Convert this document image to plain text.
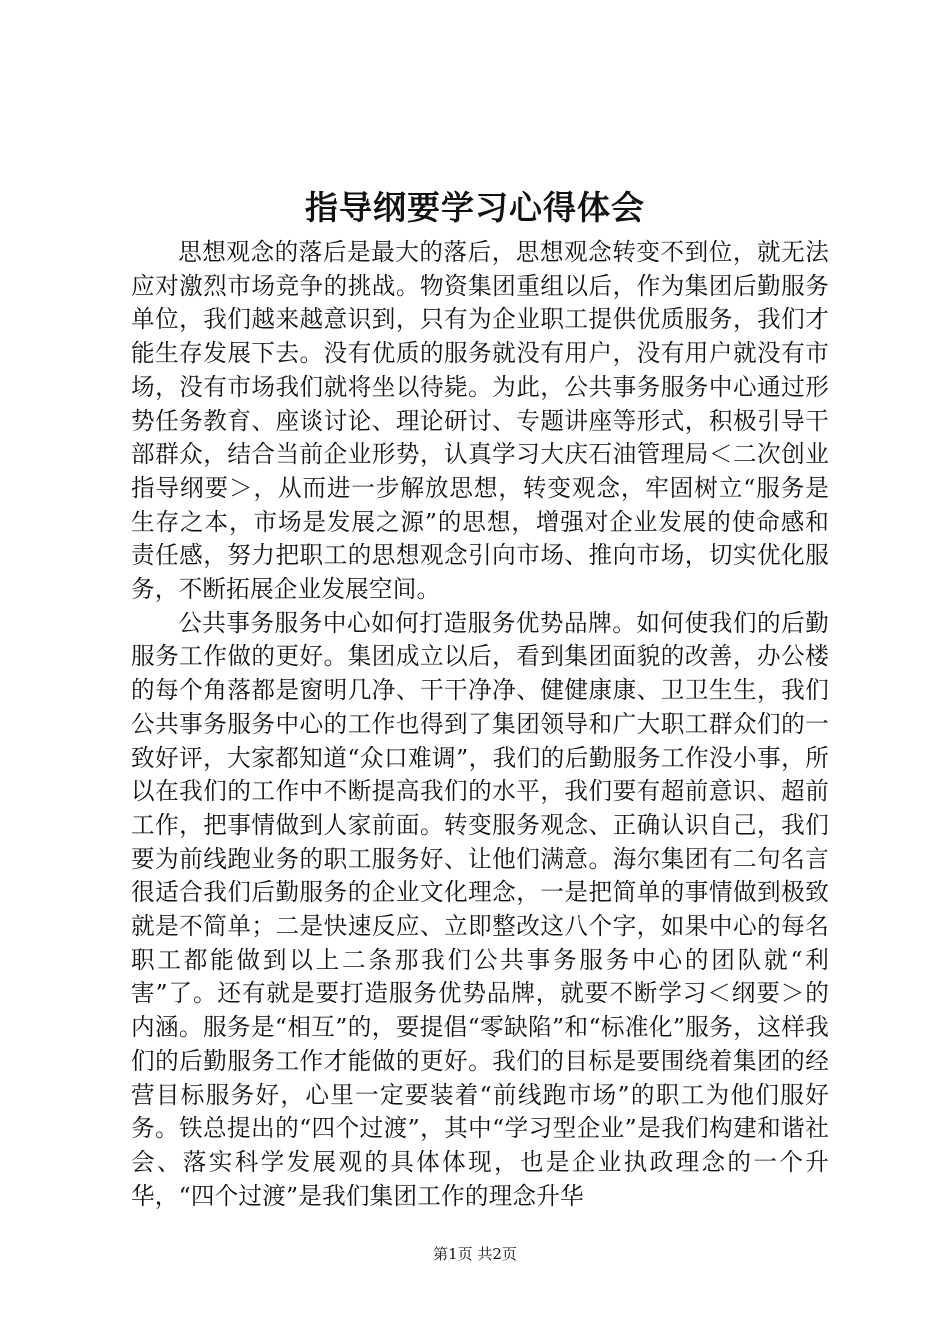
指导纲要学习心得体会

思想观念的落后是最大的落后，思想观念转变不到位，就无法应对激烈市场竞争的挑战。物资集团重组以后，作为集团后勤服务单位，我们越来越意识到，只有为企业职工提供优质服务，我们才能生存发展下去。没有优质的服务就没有用户，没有用户就没有市场，没有市场我们就将坐以待毙。为此，公共事务服务中心通过形势任务教育、座谈讨论、理论研讨、专题讲座等形式，积极引导干部群众，结合当前企业形势，认真学习大庆石油管理局＜二次创业指导纲要＞，从而进一步解放思想，转变观念，牢固树立“服务是生存之本，市场是发展之源”的思想，增强对企业发展的使命感和责任感，努力把职工的思想观念引向市场、推向市场，切实优化服务，不断拓展企业发展空间。

公共事务服务中心如何打造服务优势品牌。如何使我们的后勤服务工作做的更好。集团成立以后，看到集团面貌的改善，办公楼的每个角落都是窗明几净、干干净净、健健康康、卫卫生生，我们公共事务服务中心的工作也得到了集团领导和广大职工群众们的一致好评，大家都知道“众口难调”，我们的后勤服务工作没小事，所以在我们的工作中不断提高我们的水平，我们要有超前意识、超前工作，把事情做到人家前面。转变服务观念、正确认识自己，我们要为前线跑业务的职工服务好、让他们满意。海尔集团有二句名言很适合我们后勤服务的企业文化理念，一是把简单的事情做到极致就是不简单；二是快速反应、立即整改这八个字，如果中心的每名职工都能做到以上二条那我们公共事务服务中心的团队就“利害”了。还有就是要打造服务优势品牌，就要不断学习＜纲要＞的内涵。服务是“相互”的，要提倡“零缺陷”和“标准化”服务，这样我们的后勤服务工作才能做的更好。我们的目标是要围绕着集团的经营目标服务好，心里一定要装着“前线跑市场”的职工为他们服好务。铁总提出的“四个过渡”，其中“学习型企业”是我们构建和谐社会、落实科学发展观的具体体现，也是企业执政理念的一个升华，“四个过渡”是我们集团工作的理念升华

第1页 共2页
